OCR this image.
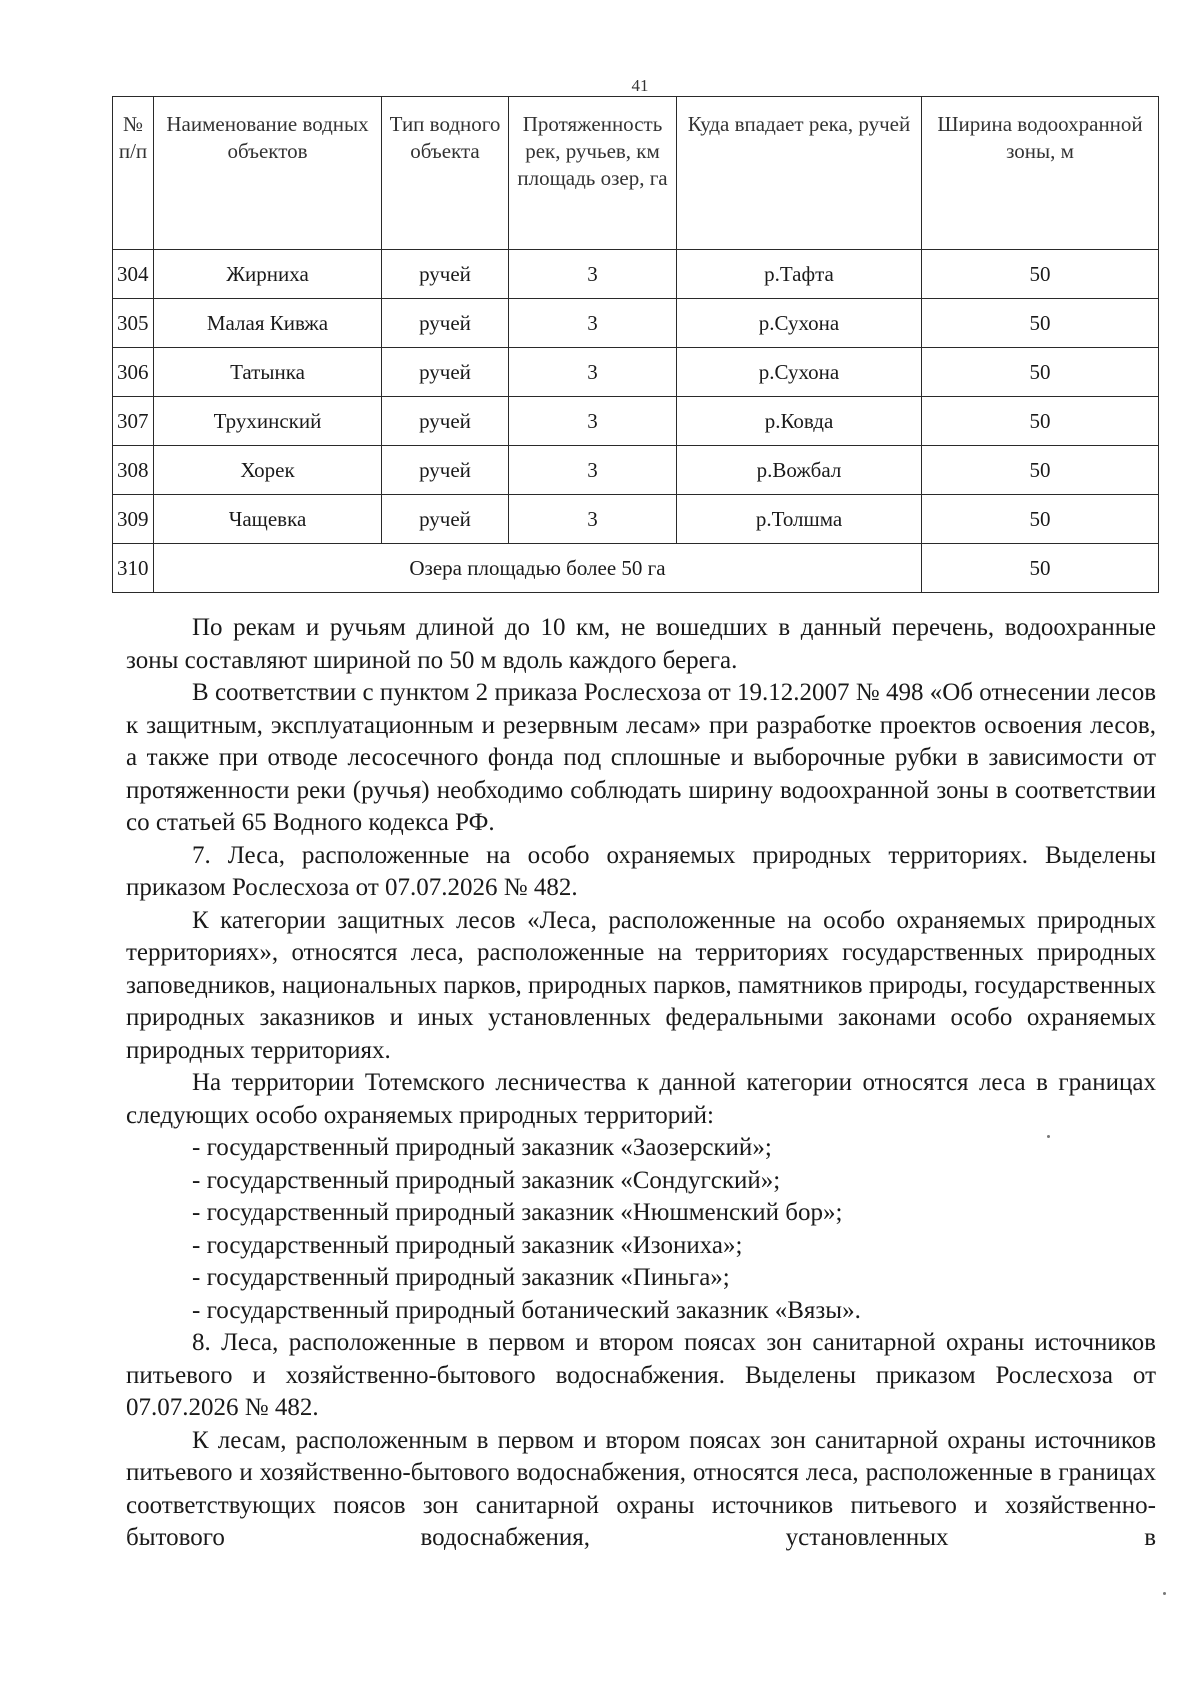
41
№ п/п	Наименование водных объектов	Тип водного объекта	Протяженность рек, ручьев, км площадь озер, га	Куда впадает река, ручей	Ширина водоохранной зоны, м
304	Жирниха	ручей	3	р.Тафта	50
305	Малая Кивжа	ручей	3	р.Сухона	50
306	Татынка	ручей	3	р.Сухона	50
307	Трухинский	ручей	3	р.Ковда	50
308	Хорек	ручей	3	р.Вожбал	50
309	Чащевка	ручей	3	р.Толшма	50
310	Озера площадью более 50 га				50

По рекам и ручьям длиной до 10 км, не вошедших в данный перечень, водоохранные зоны составляют шириной по 50 м вдоль каждого берега.

В соответствии с пунктом 2 приказа Рослесхоза от 19.12.2007 № 498 «Об отнесении лесов к защитным, эксплуатационным и резервным лесам» при разработке проектов освоения лесов, а также при отводе лесосечного фонда под сплошные и выборочные рубки в зависимости от протяженности реки (ручья) необходимо соблюдать ширину водоохранной зоны в соответствии со статьей 65 Водного кодекса РФ.

7. Леса, расположенные на особо охраняемых природных территориях. Выделены приказом Рослесхоза от 07.07.2026 № 482.

К категории защитных лесов «Леса, расположенные на особо охраняемых природных территориях», относятся леса, расположенные на территориях государственных природных заповедников, национальных парков, природных парков, памятников природы, государственных природных заказников и иных установленных федеральными законами особо охраняемых природных территориях.

На территории Тотемского лесничества к данной категории относятся леса в границах следующих особо охраняемых природных территорий:

- государственный природный заказник «Заозерский»;

- государственный природный заказник «Сондугский»;

- государственный природный заказник «Нюшменский бор»;

- государственный природный заказник «Изониха»;

- государственный природный заказник «Пиньга»;

- государственный природный ботанический заказник «Вязы».

8. Леса, расположенные в первом и втором поясах зон санитарной охраны источников питьевого и хозяйственно-бытового водоснабжения. Выделены приказом Рослесхоза от 07.07.2026 № 482.

К лесам, расположенным в первом и втором поясах зон санитарной охраны источников питьевого и хозяйственно-бытового водоснабжения, относятся леса, расположенные в границах соответствующих поясов зон санитарной охраны источников питьевого и хозяйственно-бытового водоснабжения, установленных в
